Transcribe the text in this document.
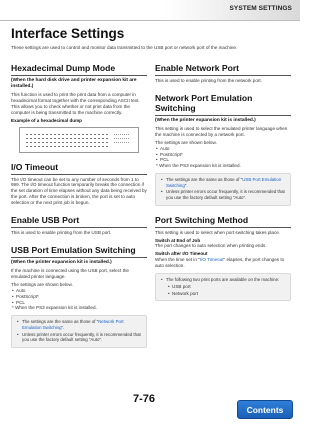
SYSTEM SETTINGS
Interface Settings
These settings are used to control and monitor data transmitted to the USB port or network port of the machine.
Hexadecimal Dump Mode
(When the hard disk drive and printer expansion kit are installed.)

This function is used to print the print data from a computer in hexadecimal format together with the corresponding ASCII text. This allows you to check whether or not print data from the computer is being transmitted to the machine correctly.

Example of a hexadecimal dump
I/O Timeout

The I/O timeout can be set to any number of seconds from 1 to 999. The I/O timeout function temporarily breaks the connection if the set duration of time elapses without any data being received by the port. After the connection is broken, the port is set to auto selection or the next print job is begun.

Enable USB Port

This is used to enable printing from the USB port.

USB Port Emulation Switching
(When the printer expansion kit is installed.)

If the machine is connected using the USB port, select the emulated printer language.

The settings are shown below.

• Auto
• PostScript*
• PCL

* When the PS3 expansion kit is installed.

• The settings are the same as those of "Network Port Emulation Switching".
• Unless printer errors occur frequently, it is recommended that you use the factory default setting "Auto".
Enable Network Port

This is used to enable printing from the network port.

Network Port Emulation Switching
(When the printer expansion kit is installed.)

This setting is used to select the emulated printer language when the machine is connected by a network port.

The settings are shown below.

• Auto
• PostScript*
• PCL

* When the PS3 expansion kit is installed.

• The settings are the same as those of "USB Port Emulation Switching".
• Unless printer errors occur frequently, it is recommended that you use the factory default setting "Auto".
Port Switching Method

This setting is used to select when port switching takes place.

Switch at End of Job

The port changes to auto selection when printing ends.

Switch after I/O Timeout

When the time set in "I/O Timeout" elapses, the port changes to auto selection.

• The following two print ports are available on the machine:
• USB port
• Network port
7-76
Contents
